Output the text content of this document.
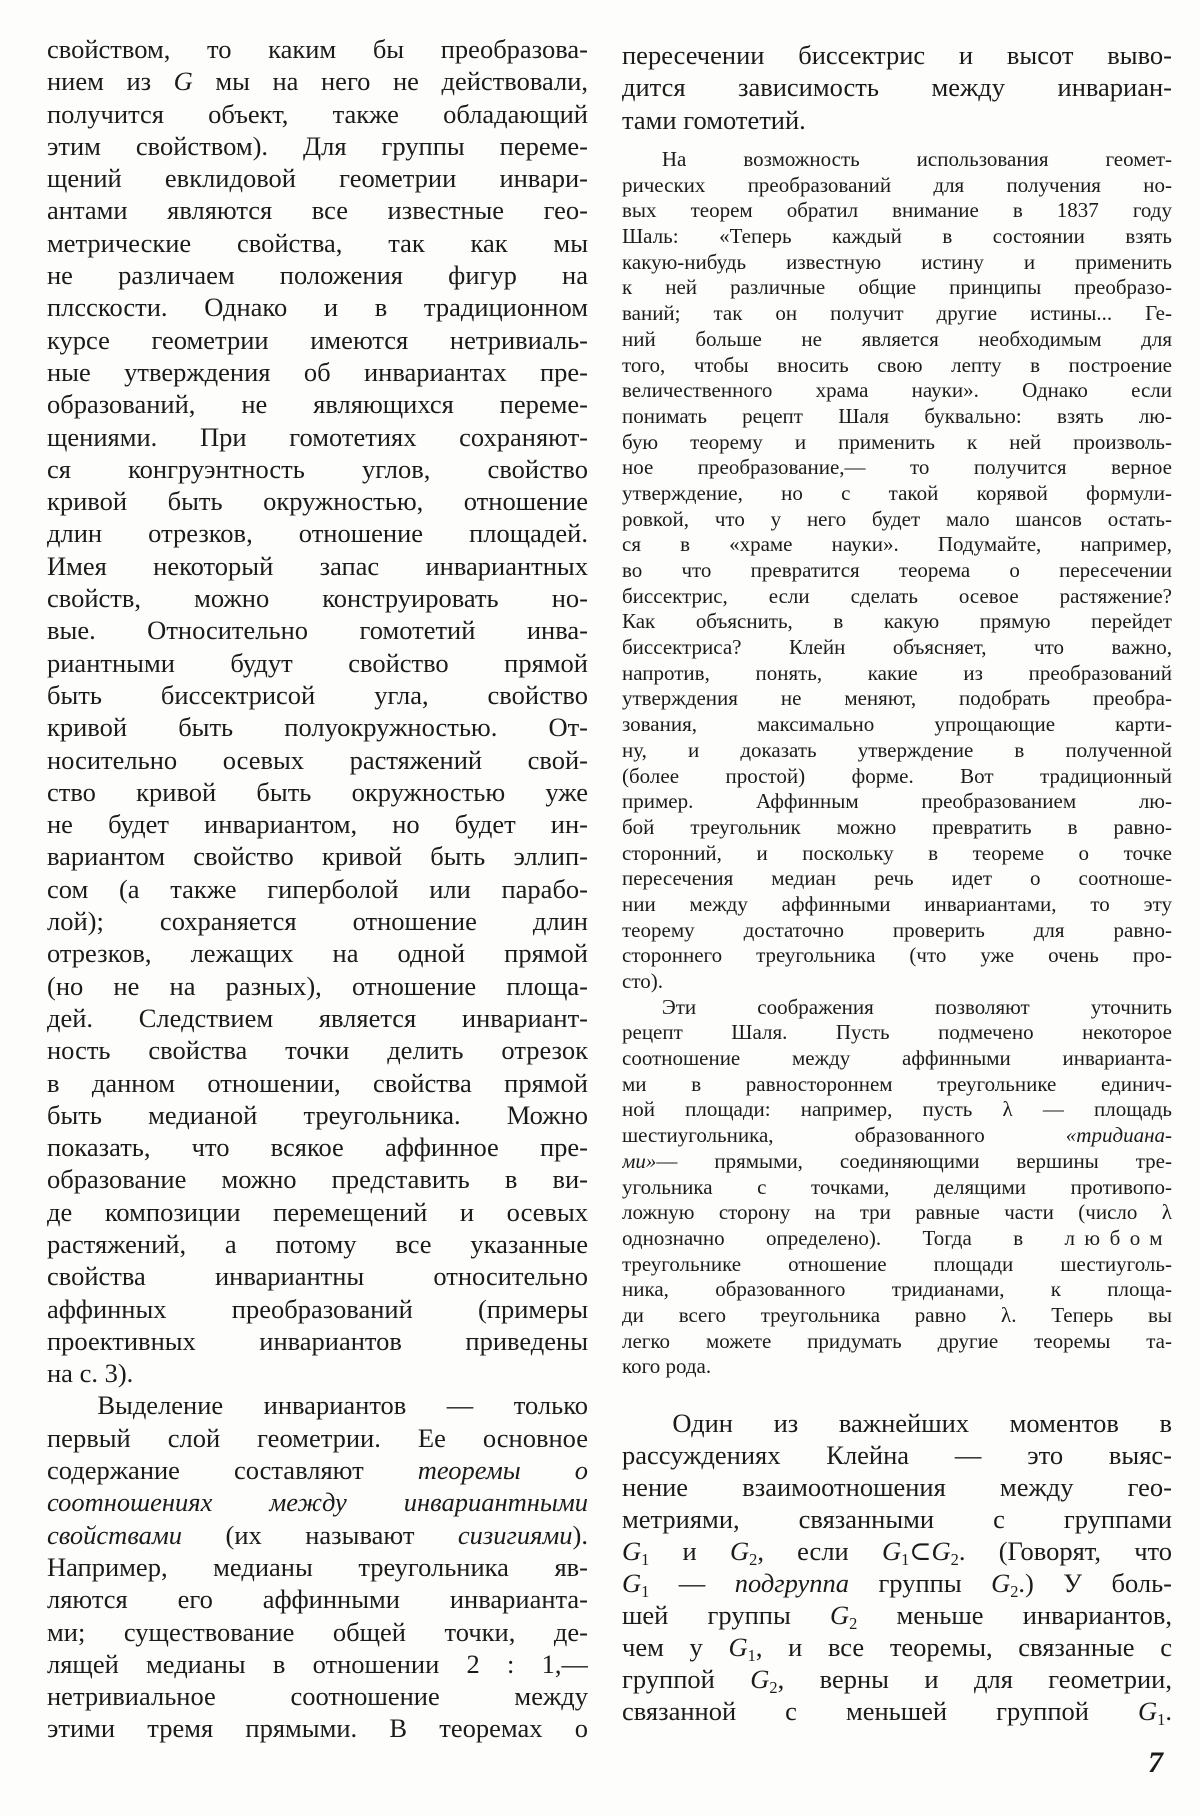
свойством, то каким бы преобразова-
нием из G мы на него не действовали,
получится объект, также обладающий
этим свойством). Для группы переме-
щений евклидовой геометрии инвари-
антами являются все известные гео-
метрические свойства, так как мы
не различаем положения фигур на
плсскости. Однако и в традиционном
курсе геометрии имеются нетривиаль-
ные утверждения об инвариантах пре-
образований, не являющихся переме-
щениями. При гомотетиях сохраняют-
ся конгруэнтность углов, свойство
кривой быть окружностью, отношение
длин отрезков, отношение площадей.
Имея некоторый запас инвариантных
свойств, можно конструировать но-
вые. Относительно гомотетий инва-
риантными будут свойство прямой
быть биссектрисой угла, свойство
кривой быть полуокружностью. От-
носительно осевых растяжений свой-
ство кривой быть окружностью уже
не будет инвариантом, но будет ин-
вариантом свойство кривой быть эллип-
сом (а также гиперболой или парабо-
лой); сохраняется отношение длин
отрезков, лежащих на одной прямой
(но не на разных), отношение площа-
дей. Следствием является инвариант-
ность свойства точки делить отрезок
в данном отношении, свойства прямой
быть медианой треугольника. Можно
показать, что всякое аффинное пре-
образование можно представить в ви-
де композиции перемещений и осевых
растяжений, а потому все указанные
свойства инвариантны относительно
аффинных преобразований (примеры
проективных инвариантов приведены
на с. 3).
Выделение инвариантов — только
первый слой геометрии. Ее основное
содержание составляют теоремы о
соотношениях между инвариантными
свойствами (их называют сизигиями).
Например, медианы треугольника яв-
ляются его аффинными инварианта-
ми; существование общей точки, де-
лящей медианы в отношении 2 : 1,—
нетривиальное соотношение между
этими тремя прямыми. В теоремах о
пересечении биссектрис и высот выво-
дится зависимость между инвариан-
тами гомотетий.
На возможность использования геомет-
рических преобразований для получения но-
вых теорем обратил внимание в 1837 году
Шаль: «Теперь каждый в состоянии взять
какую-нибудь известную истину и применить
к ней различные общие принципы преобразо-
ваний; так он получит другие истины... Ге-
ний больше не является необходимым для
того, чтобы вносить свою лепту в построение
величественного храма науки». Однако если
понимать рецепт Шаля буквально: взять лю-
бую теорему и применить к ней произволь-
ное преобразование,— то получится верное
утверждение, но с такой корявой формули-
ровкой, что у него будет мало шансов остать-
ся в «храме науки». Подумайте, например,
во что превратится теорема о пересечении
биссектрис, если сделать осевое растяжение?
Как объяснить, в какую прямую перейдет
биссектриса? Клейн объясняет, что важно,
напротив, понять, какие из преобразований
утверждения не меняют, подобрать преобра-
зования, максимально упрощающие карти-
ну, и доказать утверждение в полученной
(более простой) форме. Вот традиционный
пример. Аффинным преобразованием лю-
бой треугольник можно превратить в равно-
сторонний, и поскольку в теореме о точке
пересечения медиан речь идет о соотноше-
нии между аффинными инвариантами, то эту
теорему достаточно проверить для равно-
стороннего треугольника (что уже очень про-
сто).
Эти соображения позволяют уточнить
рецепт Шаля. Пусть подмечено некоторое
соотношение между аффинными инварианта-
ми в равностороннем треугольнике единич-
ной площади: например, пусть λ — площадь
шестиугольника, образованного «тридиана-
ми»— прямыми, соединяющими вершины тре-
угольника с точками, делящими противопо-
ложную сторону на три равные части (число λ
однозначно определено). Тогда в любом
треугольнике отношение площади шестиуголь-
ника, образованного тридианами, к площа-
ди всего треугольника равно λ. Теперь вы
легко можете придумать другие теоремы та-
кого рода.
Один из важнейших моментов в
рассуждениях Клейна — это выяс-
нение взаимоотношения между гео-
метриями, связанными с группами
$G_1$ и $G_2$, если $G_1\subset G_2$. (Говорят, что
$G_1$ — подгруппа группы $G_2$.) У боль-
шей группы $G_2$ меньше инвариантов,
чем у $G_1$, и все теоремы, связанные с
группой $G_2$, верны и для геометрии,
связанной с меньшей группой $G_1$.
7
